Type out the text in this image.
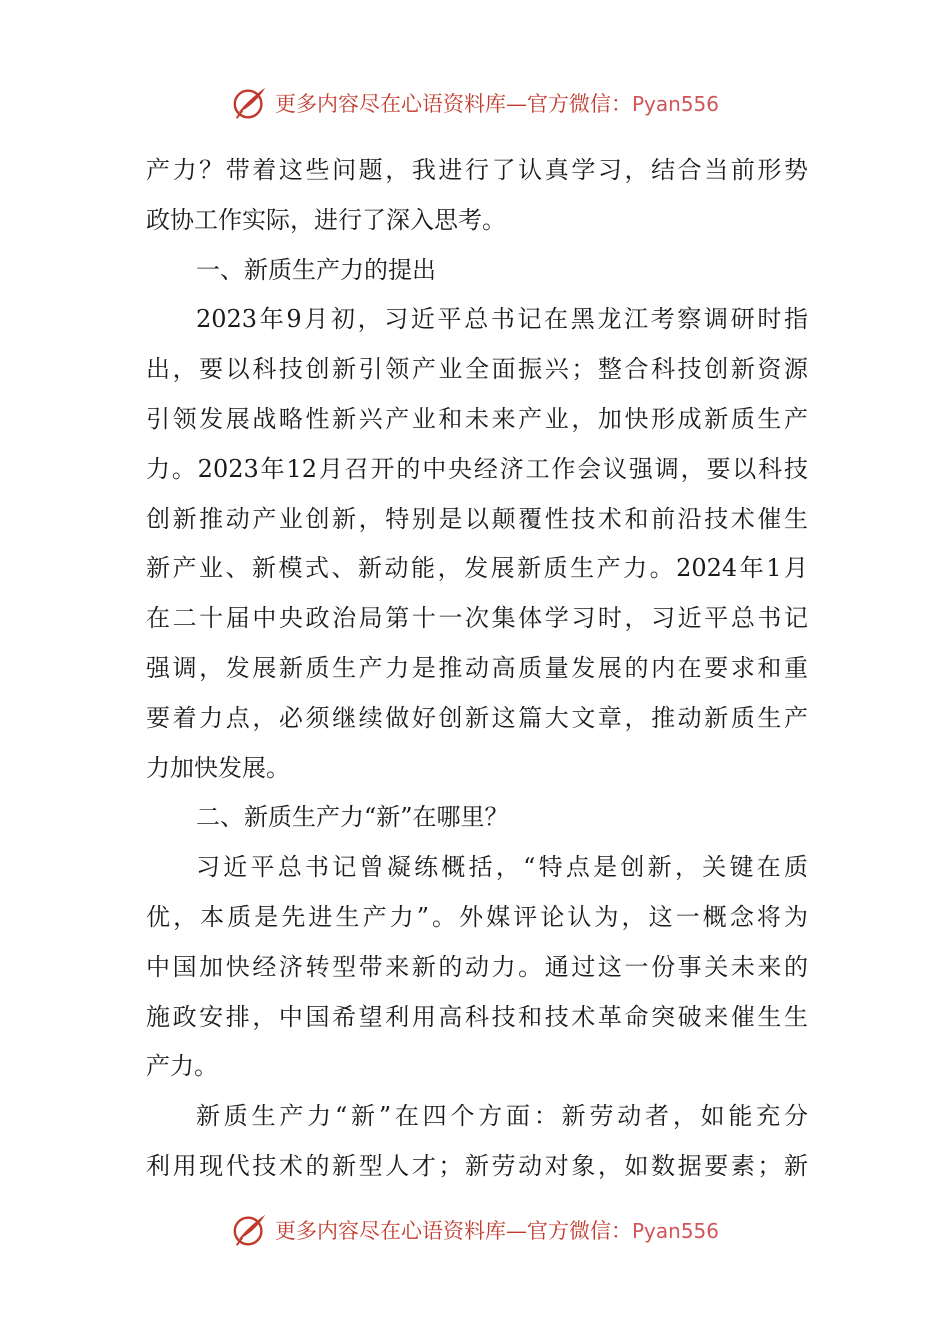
更多内容尽在心语资料库—官方微信：Pyan556
产力？带着这些问题，我进行了认真学习，结合当前形势
政协工作实际，进行了深入思考。
一、新质生产力的提出
2023年9月初，习近平总书记在黑龙江考察调研时指
出，要以科技创新引领产业全面振兴；整合科技创新资源
引领发展战略性新兴产业和未来产业，加快形成新质生产
力。2023年12月召开的中央经济工作会议强调，要以科技
创新推动产业创新，特别是以颠覆性技术和前沿技术催生
新产业、新模式、新动能，发展新质生产力。2024年1月
在二十届中央政治局第十一次集体学习时，习近平总书记
强调，发展新质生产力是推动高质量发展的内在要求和重
要着力点，必须继续做好创新这篇大文章，推动新质生产
力加快发展。
二、新质生产力“新”在哪里？
习近平总书记曾凝练概括，“特点是创新，关键在质
优，本质是先进生产力”。外媒评论认为，这一概念将为
中国加快经济转型带来新的动力。通过这一份事关未来的
施政安排，中国希望利用高科技和技术革命突破来催生生
产力。
新质生产力“新”在四个方面：新劳动者，如能充分
利用现代技术的新型人才；新劳动对象，如数据要素；新
更多内容尽在心语资料库—官方微信：Pyan556
